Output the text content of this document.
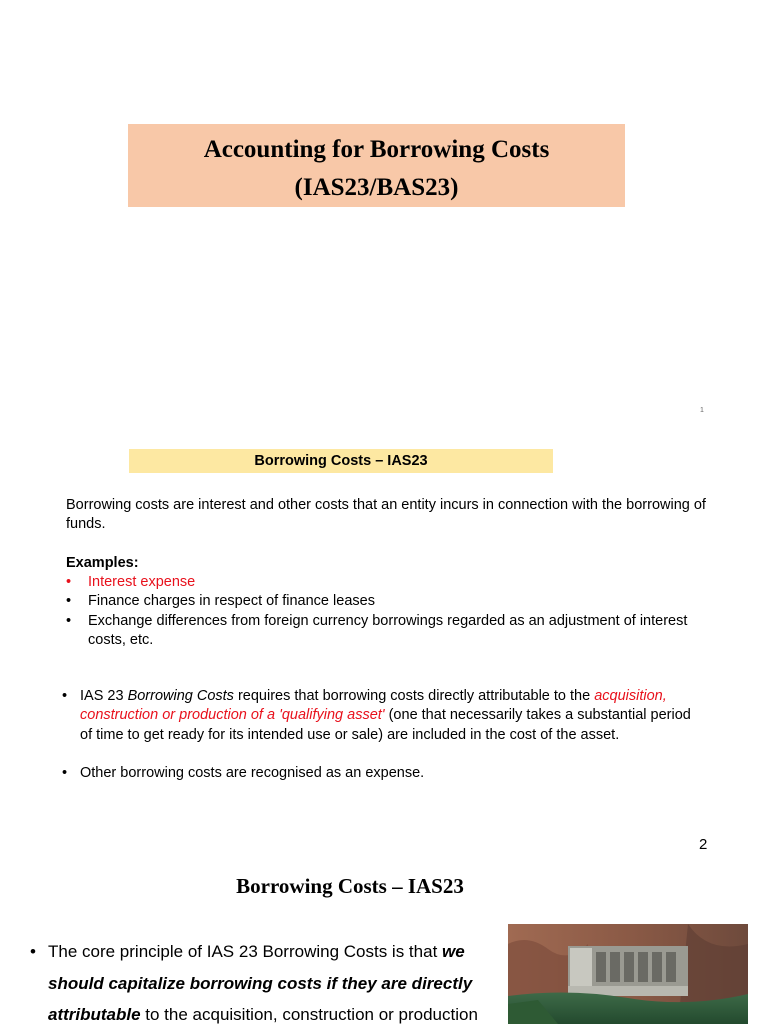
Accounting for Borrowing Costs
(IAS23/BAS23)
1
Borrowing Costs – IAS23
Borrowing costs are interest and other costs that an entity incurs in connection with the borrowing of funds.
Examples:
• Interest expense
• Finance charges in respect of finance leases
• Exchange differences from foreign currency borrowings regarded as an adjustment of interest costs, etc.
• IAS 23 Borrowing Costs requires that borrowing costs directly attributable to the acquisition, construction or production of a 'qualifying asset' (one that necessarily takes a substantial period of time to get ready for its intended use or sale) are included in the cost of the asset.
• Other borrowing costs are recognised as an expense.
2
Borrowing Costs – IAS23
• The core principle of IAS 23 Borrowing Costs is that we should capitalize borrowing costs if they are directly attributable to the acquisition, construction or production
